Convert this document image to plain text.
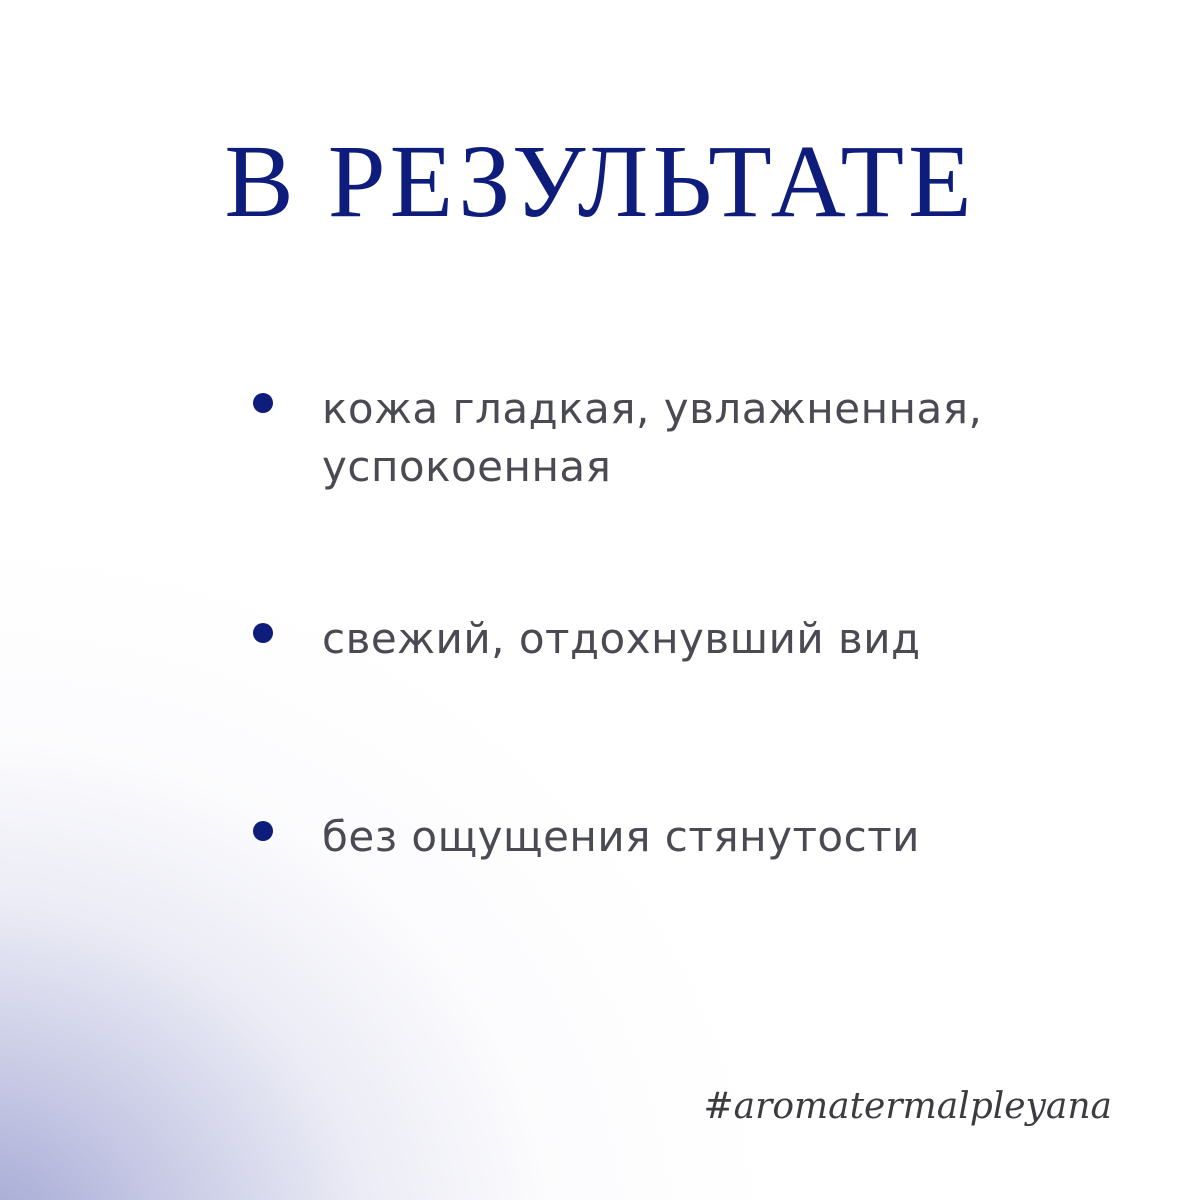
В РЕЗУЛЬТАТЕ
кожа гладкая, увлажненная, успокоенная
свежий, отдохнувший вид
без ощущения стянутости
#aromatermalpleyana
